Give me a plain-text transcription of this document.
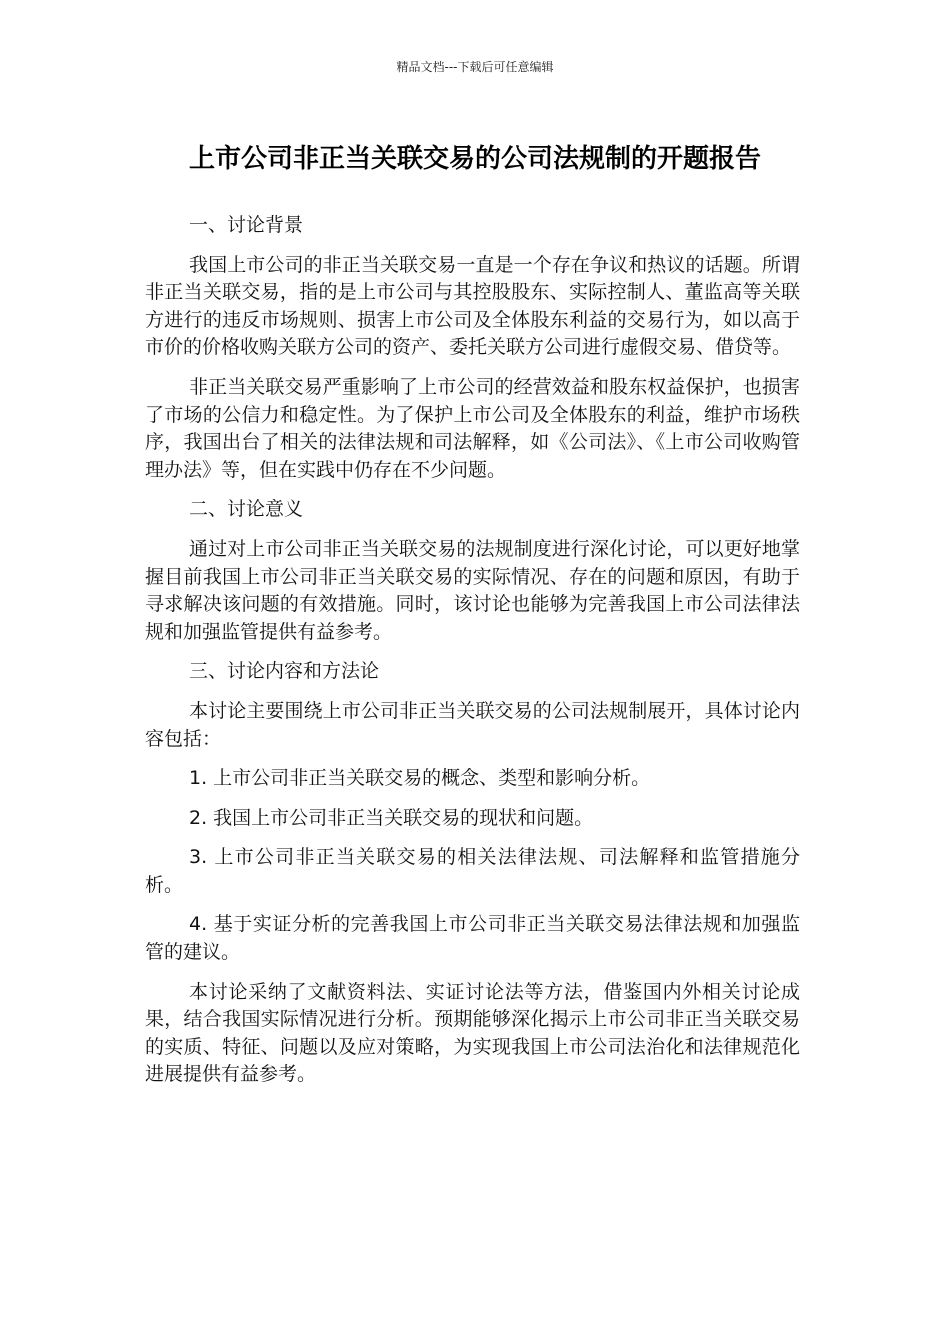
精品文档---下载后可任意编辑
上市公司非正当关联交易的公司法规制的开题报告
一、讨论背景

我国上市公司的非正当关联交易一直是一个存在争议和热议的话题。所谓非正当关联交易，指的是上市公司与其控股股东、实际控制人、董监高等关联方进行的违反市场规则、损害上市公司及全体股东利益的交易行为，如以高于市价的价格收购关联方公司的资产、委托关联方公司进行虚假交易、借贷等。

非正当关联交易严重影响了上市公司的经营效益和股东权益保护，也损害了市场的公信力和稳定性。为了保护上市公司及全体股东的利益，维护市场秩序，我国出台了相关的法律法规和司法解释，如《公司法》、《上市公司收购管理办法》等，但在实践中仍存在不少问题。

二、讨论意义

通过对上市公司非正当关联交易的法规制度进行深化讨论，可以更好地掌握目前我国上市公司非正当关联交易的实际情况、存在的问题和原因，有助于寻求解决该问题的有效措施。同时，该讨论也能够为完善我国上市公司法律法规和加强监管提供有益参考。

三、讨论内容和方法论

本讨论主要围绕上市公司非正当关联交易的公司法规制展开，具体讨论内容包括：

1. 上市公司非正当关联交易的概念、类型和影响分析。

2. 我国上市公司非正当关联交易的现状和问题。

3. 上市公司非正当关联交易的相关法律法规、司法解释和监管措施分析。

4. 基于实证分析的完善我国上市公司非正当关联交易法律法规和加强监管的建议。

本讨论采纳了文献资料法、实证讨论法等方法，借鉴国内外相关讨论成果，结合我国实际情况进行分析。预期能够深化揭示上市公司非正当关联交易的实质、特征、问题以及应对策略，为实现我国上市公司法治化和法律规范化进展提供有益参考。
